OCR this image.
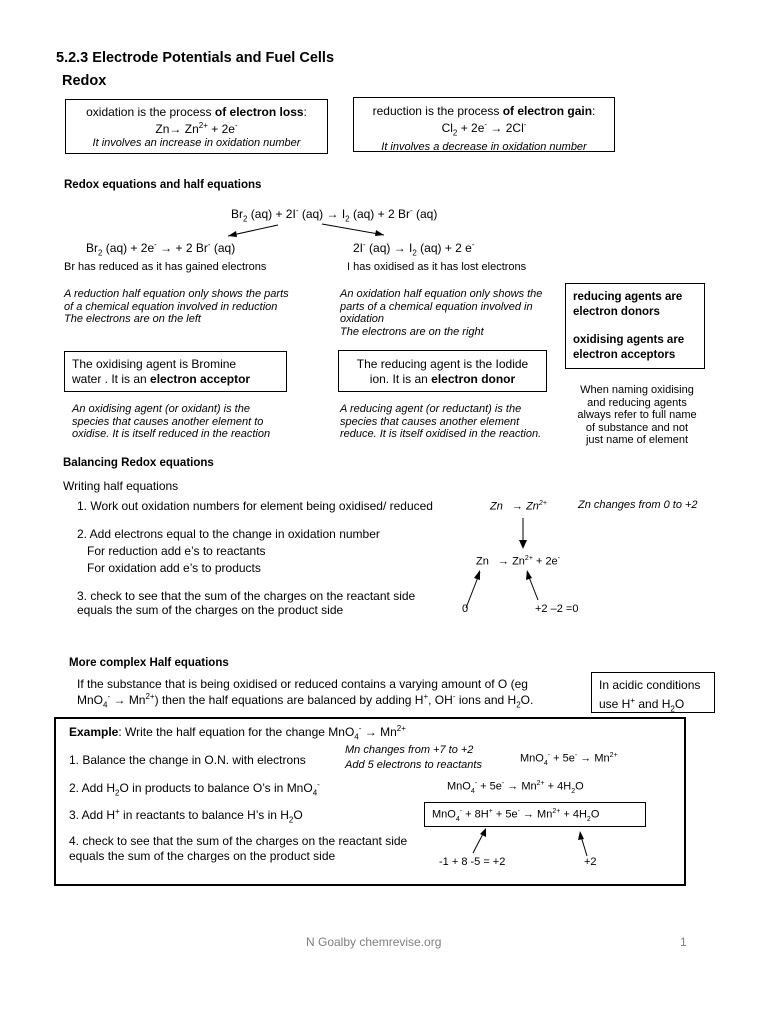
5.2.3 Electrode Potentials and Fuel Cells
Redox
oxidation is the process of electron loss:
$Zn\to Zn^{2+} + 2e^-$
It involves an increase in oxidation number
reduction is the process of electron gain:
$Cl_2 + 2e^- \to 2Cl^-$
It involves a decrease in oxidation number
Redox equations and half equations
$Br_2$ (aq) + 2I- $(aq) \to I_2$ (aq) + 2 Br- (aq)
$Br_2$ (aq) + 2e- → + 2 Br- (aq)	2I- $(aq) \to I_2$ (aq) + 2 e-
Br has reduced as it has gained electrons	I has oxidised as it has lost electrons
A reduction half equation only shows the parts
of a chemical equation involved in reduction
The electrons are on the left
An oxidation half equation only shows the
parts of a chemical equation involved in
oxidation
The electrons are on the right
reducing agents are
electron donors

oxidising agents are
electron acceptors
The oxidising agent is Bromine
water . It is an electron acceptor
The reducing agent is the Iodide
ion. It is an electron donor
An oxidising agent (or oxidant) is the
species that causes another element to
oxidise. It is itself reduced in the reaction
A reducing agent (or reductant) is the
species that causes another element
reduce. It is itself oxidised in the reaction.
When naming oxidising
and reducing agents
always refer to full name
of substance and not
just name of element
Balancing Redox equations
Writing half equations
1. Work out oxidation numbers for element being oxidised/ reduced	$Zn \to Zn^{2+}$	Zn changes from 0 to +2
2. Add electrons equal to the change in oxidation number
For reduction add e’s to reactants
For oxidation add e’s to products	$Zn \to Zn^{2+} + 2e^-$
3. check to see that the sum of the charges on the reactant side
equals the sum of the charges on the product side	0	+2 –2 =0
More complex Half equations
If the substance that is being oxidised or reduced contains a varying amount of O (eg
$MnO_4^- \to Mn^{2+}$) then the half equations are balanced by adding H+, OH- ions and $H_2O$.
In acidic conditions
use H+ and $H_2O$
Example: Write the half equation for the change $MnO_4^- \to Mn^{2+}$
1. Balance the change in O.N. with electrons
Mn changes from +7 to +2
Add 5 electrons to reactants	$MnO_4^- + 5e^- \to Mn^{2+}$
2. Add $H_2O$ in products to balance O’s in MnO$_4$-	$MnO_4^- + 5e^- \to Mn^{2+} + 4H_2O$
3. Add H+ in reactants to balance H’s in $H_2O$	$MnO_4^- + 8H^+ + 5e^- \to Mn^{2+} + 4H_2O$
4. check to see that the sum of the charges on the reactant side
equals the sum of the charges on the product side	-1 + 8 -5 = +2	+2
N Goalby chemrevise.org	1
